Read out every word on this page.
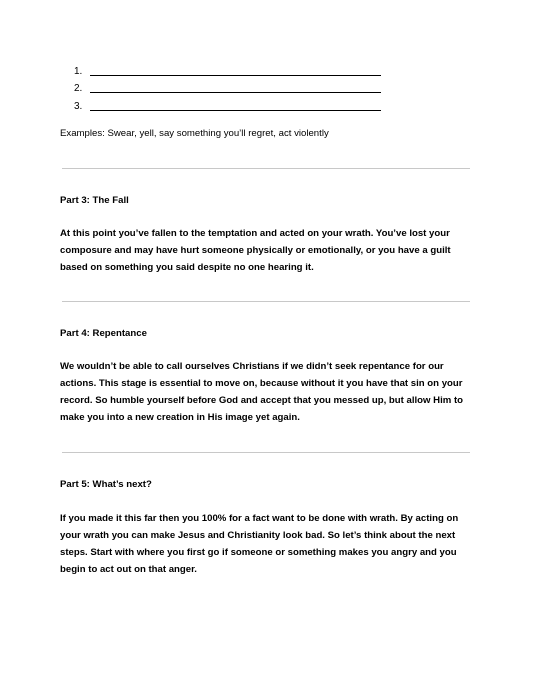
1.
2.
3.

Examples: Swear, yell, say something you’ll regret, act violently

Part 3: The Fall

At this point you’ve fallen to the temptation and acted on your wrath. You’ve lost your composure and may have hurt someone physically or emotionally, or you have a guilt based on something you said despite no one hearing it.

Part 4: Repentance

We wouldn’t be able to call ourselves Christians if we didn’t seek repentance for our actions. This stage is essential to move on, because without it you have that sin on your record. So humble yourself before God and accept that you messed up, but allow Him to make you into a new creation in His image yet again.

Part 5: What’s next?

If you made it this far then you 100% for a fact want to be done with wrath. By acting on your wrath you can make Jesus and Christianity look bad. So let’s think about the next steps. Start with where you first go if someone or something makes you angry and you begin to act out on that anger.
